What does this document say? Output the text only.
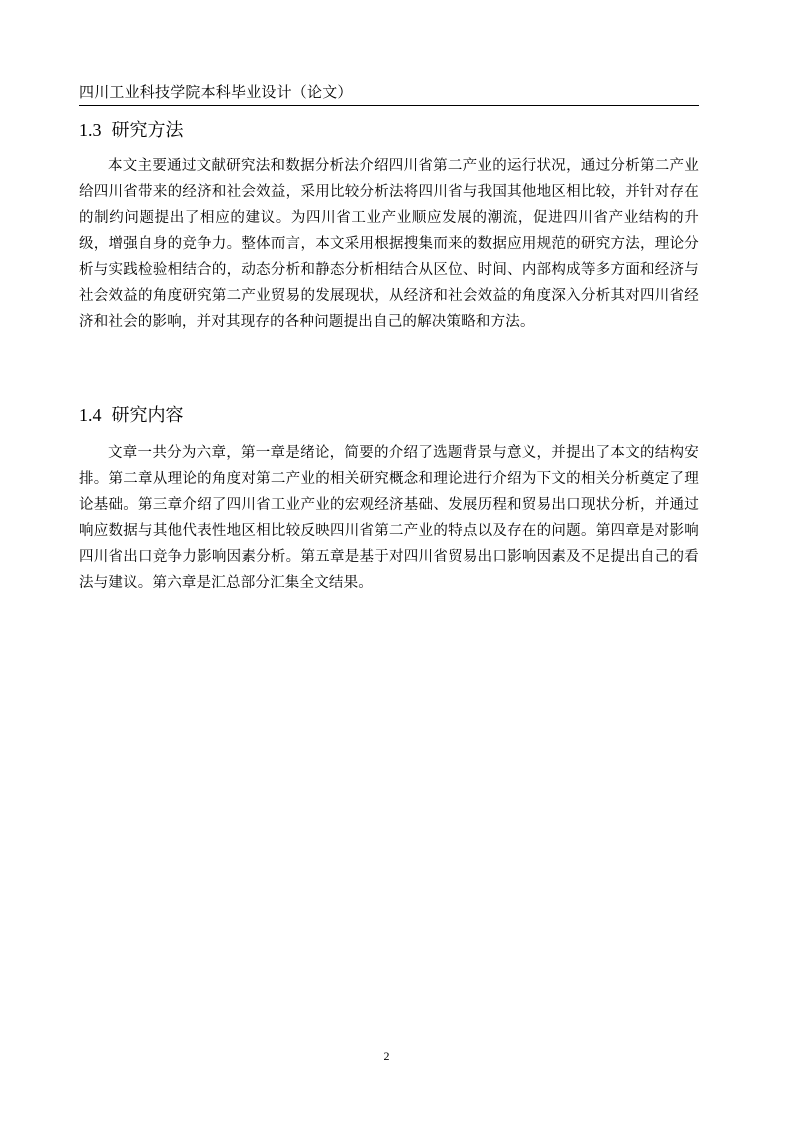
四川工业科技学院本科毕业设计（论文）
1.3 研究方法

本文主要通过文献研究法和数据分析法介绍四川省第二产业的运行状况，通过分析第二产业给四川省带来的经济和社会效益，采用比较分析法将四川省与我国其他地区相比较，并针对存在的制约问题提出了相应的建议。为四川省工业产业顺应发展的潮流，促进四川省产业结构的升级，增强自身的竞争力。整体而言，本文采用根据搜集而来的数据应用规范的研究方法，理论分析与实践检验相结合的，动态分析和静态分析相结合从区位、时间、内部构成等多方面和经济与社会效益的角度研究第二产业贸易的发展现状，从经济和社会效益的角度深入分析其对四川省经济和社会的影响，并对其现存的各种问题提出自己的解决策略和方法。

1.4 研究内容

文章一共分为六章，第一章是绪论，简要的介绍了选题背景与意义，并提出了本文的结构安排。第二章从理论的角度对第二产业的相关研究概念和理论进行介绍为下文的相关分析奠定了理论基础。第三章介绍了四川省工业产业的宏观经济基础、发展历程和贸易出口现状分析，并通过响应数据与其他代表性地区相比较反映四川省第二产业的特点以及存在的问题。第四章是对影响四川省出口竞争力影响因素分析。第五章是基于对四川省贸易出口影响因素及不足提出自己的看法与建议。第六章是汇总部分汇集全文结果。

2
